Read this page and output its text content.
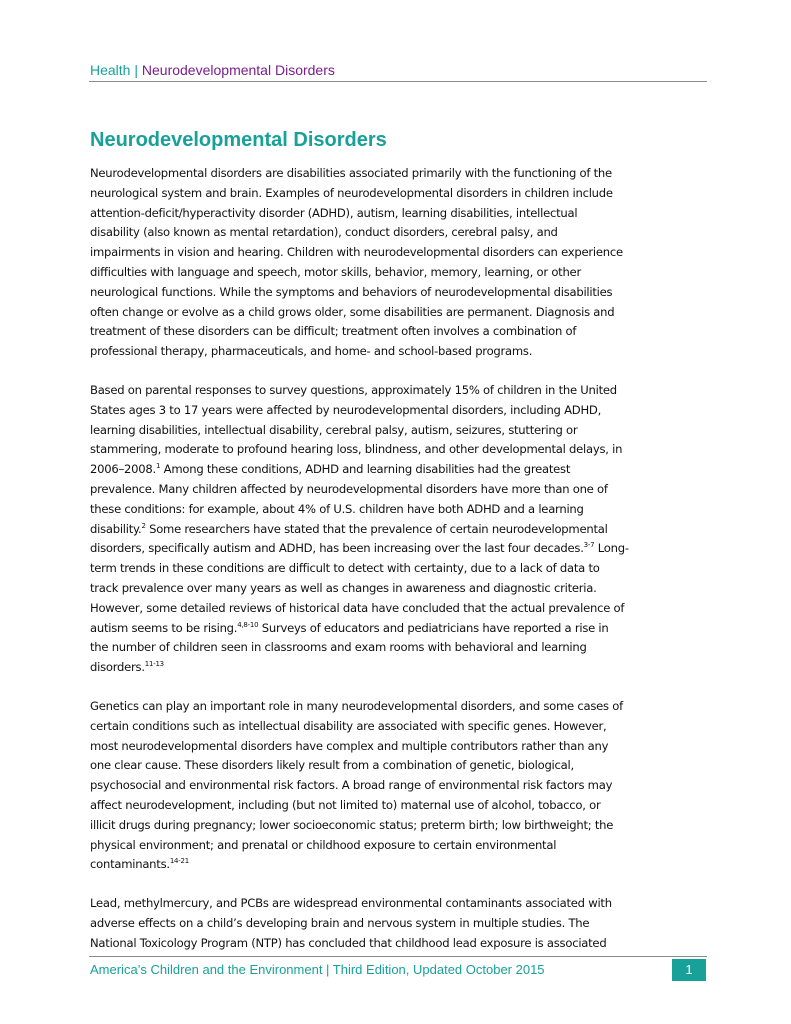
Health | Neurodevelopmental Disorders
Neurodevelopmental Disorders

Neurodevelopmental disorders are disabilities associated primarily with the functioning of the
neurological system and brain. Examples of neurodevelopmental disorders in children include
attention-deficit/hyperactivity disorder (ADHD), autism, learning disabilities, intellectual
disability (also known as mental retardation), conduct disorders, cerebral palsy, and
impairments in vision and hearing. Children with neurodevelopmental disorders can experience
difficulties with language and speech, motor skills, behavior, memory, learning, or other
neurological functions. While the symptoms and behaviors of neurodevelopmental disabilities
often change or evolve as a child grows older, some disabilities are permanent. Diagnosis and
treatment of these disorders can be difficult; treatment often involves a combination of
professional therapy, pharmaceuticals, and home- and school-based programs.

Based on parental responses to survey questions, approximately 15% of children in the United
States ages 3 to 17 years were affected by neurodevelopmental disorders, including ADHD,
learning disabilities, intellectual disability, cerebral palsy, autism, seizures, stuttering or
stammering, moderate to profound hearing loss, blindness, and other developmental delays, in
2006–2008.$^1$ Among these conditions, ADHD and learning disabilities had the greatest
prevalence. Many children affected by neurodevelopmental disorders have more than one of
these conditions: for example, about 4% of U.S. children have both ADHD and a learning
disability.$^2$ Some researchers have stated that the prevalence of certain neurodevelopmental
disorders, specifically autism and ADHD, has been increasing over the last four decades.$^{3-7}$ Long-
term trends in these conditions are difficult to detect with certainty, due to a lack of data to
track prevalence over many years as well as changes in awareness and diagnostic criteria.
However, some detailed reviews of historical data have concluded that the actual prevalence of
autism seems to be rising.$^{4,8-10}$ Surveys of educators and pediatricians have reported a rise in
the number of children seen in classrooms and exam rooms with behavioral and learning
disorders.$^{11-13}$

Genetics can play an important role in many neurodevelopmental disorders, and some cases of
certain conditions such as intellectual disability are associated with specific genes. However,
most neurodevelopmental disorders have complex and multiple contributors rather than any
one clear cause. These disorders likely result from a combination of genetic, biological,
psychosocial and environmental risk factors. A broad range of environmental risk factors may
affect neurodevelopment, including (but not limited to) maternal use of alcohol, tobacco, or
illicit drugs during pregnancy; lower socioeconomic status; preterm birth; low birthweight; the
physical environment; and prenatal or childhood exposure to certain environmental
contaminants.$^{14-21}$

Lead, methylmercury, and PCBs are widespread environmental contaminants associated with
adverse effects on a child’s developing brain and nervous system in multiple studies. The
National Toxicology Program (NTP) has concluded that childhood lead exposure is associated

America’s Children and the Environment | Third Edition, Updated October 2015	1
